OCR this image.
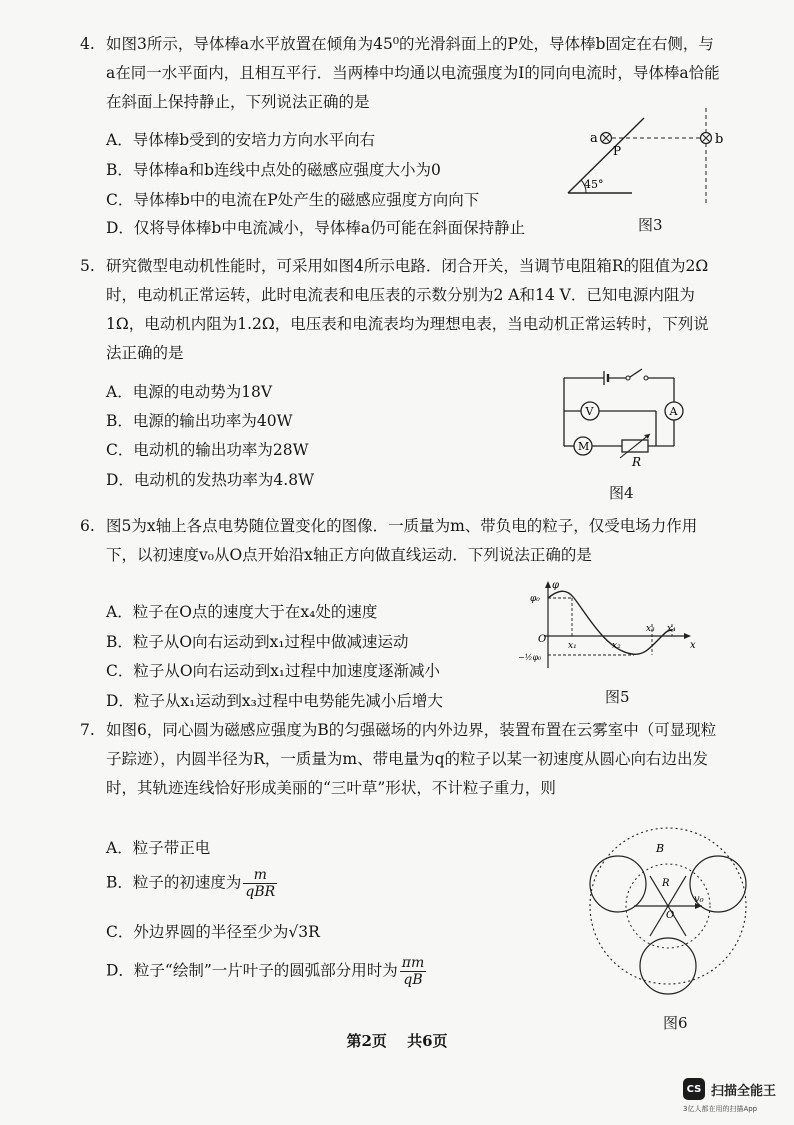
4. 如图3所示，导体棒a水平放置在倾角为45⁰的光滑斜面上的P处，导体棒b固定在右侧，与a在同一水平面内，且相互平行．当两棒中均通以电流强度为I的同向电流时，导体棒a恰能在斜面上保持静止，下列说法正确的是
A．导体棒b受到的安培力方向水平向右
B．导体棒a和b连线中点处的磁感应强度大小为0
C．导体棒b中的电流在P处产生的磁感应强度方向向下
D．仅将导体棒b中电流减小，导体棒a仍可能在斜面保持静止
45°
a	b
P
图3
5. 研究微型电动机性能时，可采用如图4所示电路．闭合开关，当调节电阻箱R的阻值为2Ω时，电动机正常运转，此时电流表和电压表的示数分别为2 A和14 V．已知电源内阻为1Ω，电动机内阻为1.2Ω，电压表和电流表均为理想电表，当电动机正常运转时，下列说法正确的是
A．电源的电动势为18V
B．电源的输出功率为40W
C．电动机的输出功率为28W
D．电动机的发热功率为4.8W
M
R
V	A
图4
6. 图5为x轴上各点电势随位置变化的图像．一质量为m、带负电的粒子，仅受电场力作用下，以初速度v₀从O点开始沿x轴正方向做直线运动．下列说法正确的是
A．粒子在O点的速度大于在x₄处的速度
B．粒子从O向右运动到x₁过程中做减速运动
C．粒子从O向右运动到x₁过程中加速度逐渐减小
D．粒子从x₁运动到x₃过程中电势能先减小后增大
φ
φ₀
−½φ₀
O
x
x₁	x₂
x₃ x₄
图5
7. 如图6，同心圆为磁感应强度为B的匀强磁场的内外边界，装置布置在云雾室中（可显现粒子踪迹），内圆半径为R，一质量为m、带电量为q的粒子以某一初速度从圆心向右边出发时，其轨迹连线恰好形成美丽的“三叶草”形状，不计粒子重力，则
A．粒子带正电
B．粒子的初速度为 $\frac{m}{\text{qBR}}$
C．外边界圆的半径至少为√3R
D．粒子“绘制”一片叶子的圆弧部分用时为 $\frac{\pi m}{qB}$
B
R
v₀
O
图6
第2页　 共6页
CS 扫描全能王
3亿人都在用的扫描App
